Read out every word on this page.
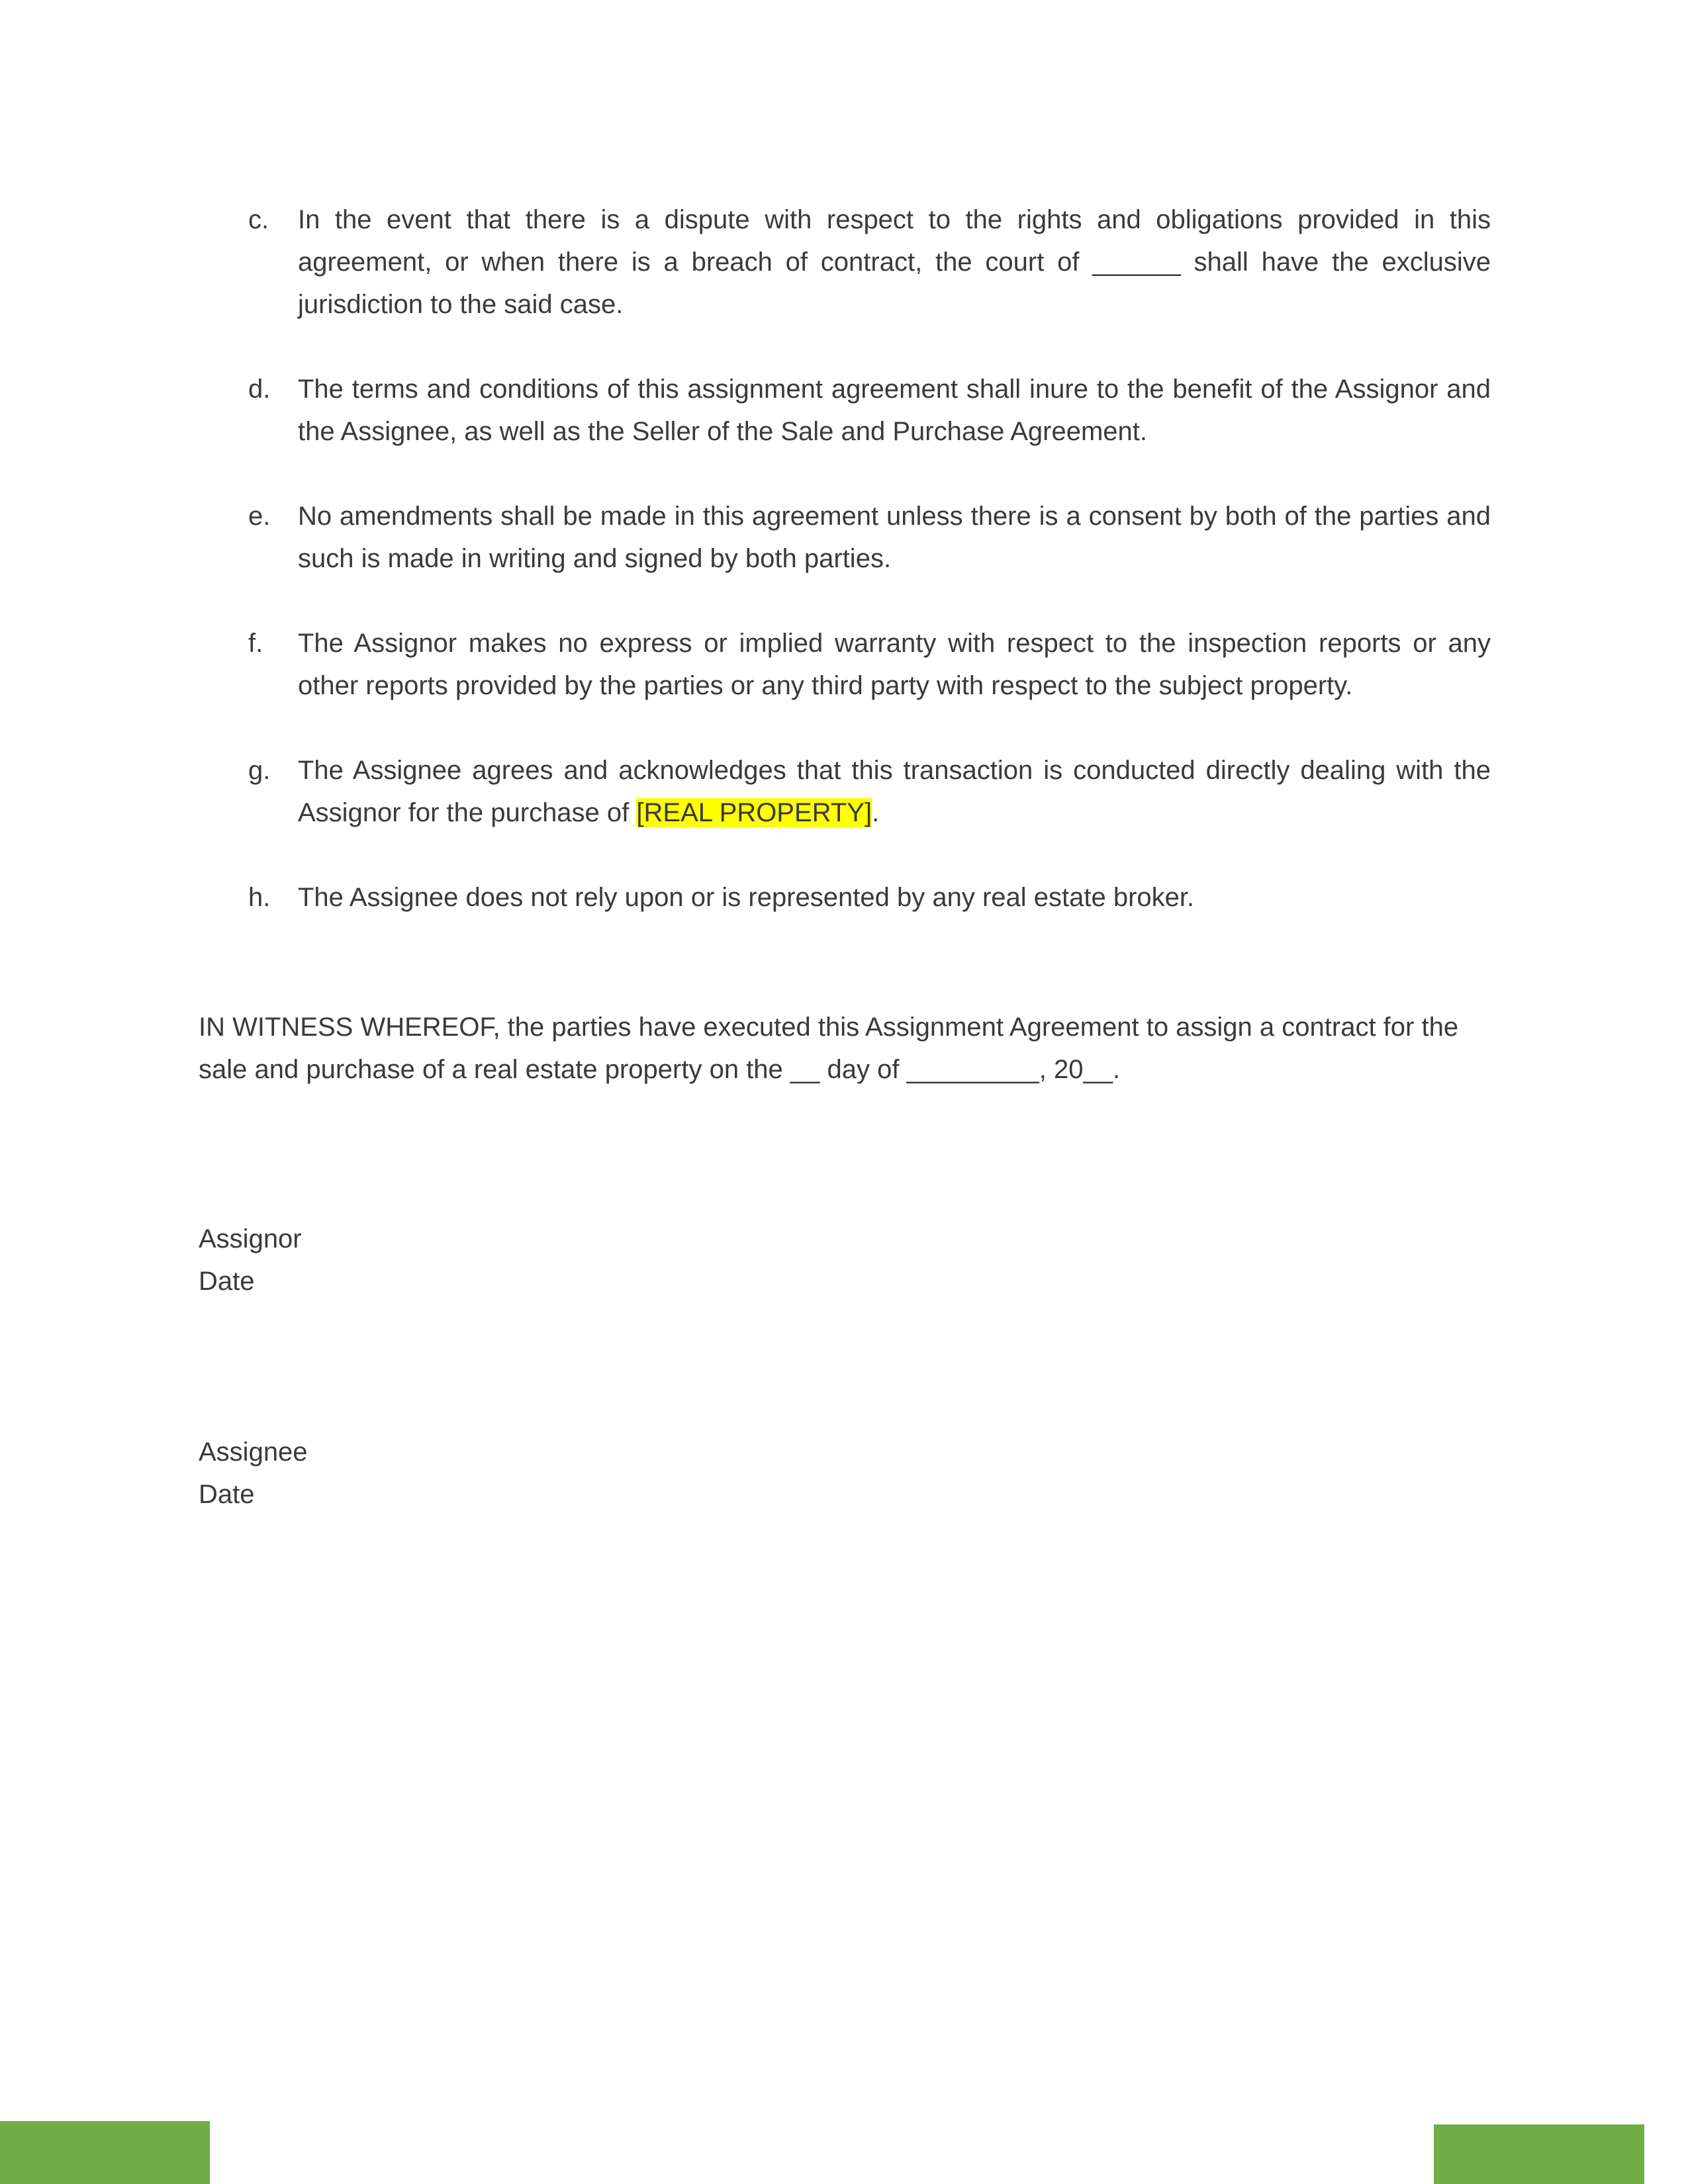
c.	In the event that there is a dispute with respect to the rights and obligations provided in this agreement, or when there is a breach of contract, the court of ______ shall have the exclusive jurisdiction to the said case.
d.	The terms and conditions of this assignment agreement shall inure to the benefit of the Assignor and the Assignee, as well as the Seller of the Sale and Purchase Agreement.
e.	No amendments shall be made in this agreement unless there is a consent by both of the parties and such is made in writing and signed by both parties.
f.	The Assignor makes no express or implied warranty with respect to the inspection reports or any other reports provided by the parties or any third party with respect to the subject property.
g.	The Assignee agrees and acknowledges that this transaction is conducted directly dealing with the Assignor for the purchase of [REAL PROPERTY].
h.	The Assignee does not rely upon or is represented by any real estate broker.

IN WITNESS WHEREOF, the parties have executed this Assignment Agreement to assign a contract for the sale and purchase of a real estate property on the __ day of _________, 20__.

Assignor
Date
Assignee
Date
